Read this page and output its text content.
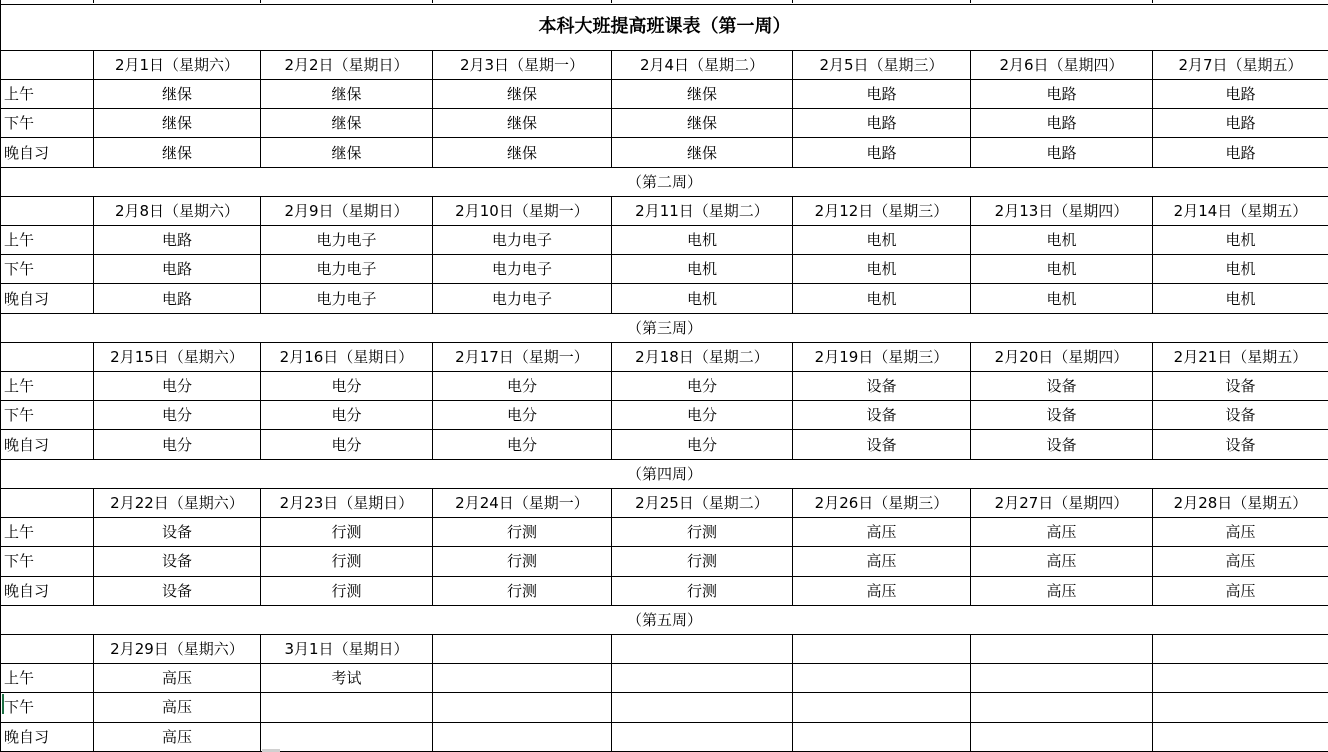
本科大班提高班课表（第一周）							
	2月1日（星期六）	2月2日（星期日）	2月3日（星期一）	2月4日（星期二）	2月5日（星期三）	2月6日（星期四）	2月7日（星期五）
上午	继保	继保	继保	继保	电路	电路	电路
下午	继保	继保	继保	继保	电路	电路	电路
晚自习	继保	继保	继保	继保	电路	电路	电路
（第二周）							
	2月8日（星期六）	2月9日（星期日）	2月10日（星期一）	2月11日（星期二）	2月12日（星期三）	2月13日（星期四）	2月14日（星期五）
上午	电路	电力电子	电力电子	电机	电机	电机	电机
下午	电路	电力电子	电力电子	电机	电机	电机	电机
晚自习	电路	电力电子	电力电子	电机	电机	电机	电机
（第三周）							
	2月15日（星期六）	2月16日（星期日）	2月17日（星期一）	2月18日（星期二）	2月19日（星期三）	2月20日（星期四）	2月21日（星期五）
上午	电分	电分	电分	电分	设备	设备	设备
下午	电分	电分	电分	电分	设备	设备	设备
晚自习	电分	电分	电分	电分	设备	设备	设备
（第四周）							
	2月22日（星期六）	2月23日（星期日）	2月24日（星期一）	2月25日（星期二）	2月26日（星期三）	2月27日（星期四）	2月28日（星期五）
上午	设备	行测	行测	行测	高压	高压	高压
下午	设备	行测	行测	行测	高压	高压	高压
晚自习	设备	行测	行测	行测	高压	高压	高压
（第五周）							
	2月29日（星期六）	3月1日（星期日）					
上午	高压	考试					
下午	高压						
晚自习	高压						
